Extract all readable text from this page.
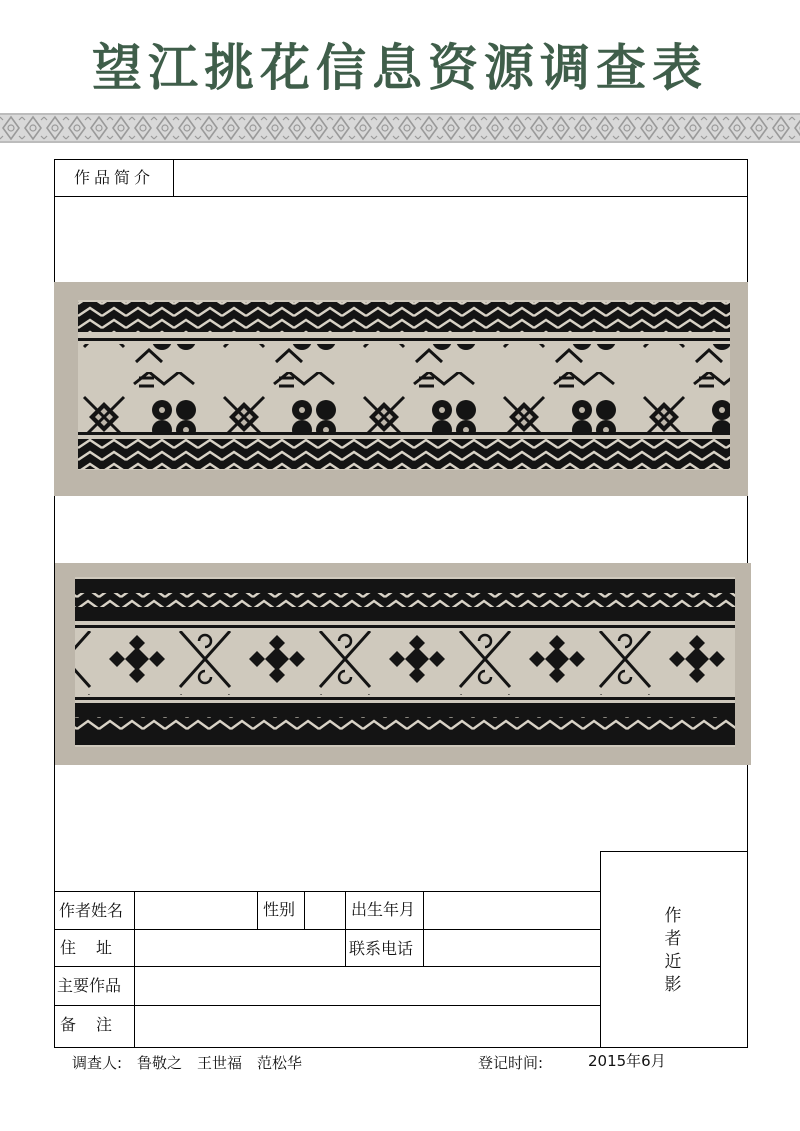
望江挑花信息资源调查表
作品简介
作者近影
作者姓名	性别	出生年月
住　址	联系电话
主要作品
备　注
调查人: 鲁敬之　王世福　范松华	登记时间:	2015年6月
